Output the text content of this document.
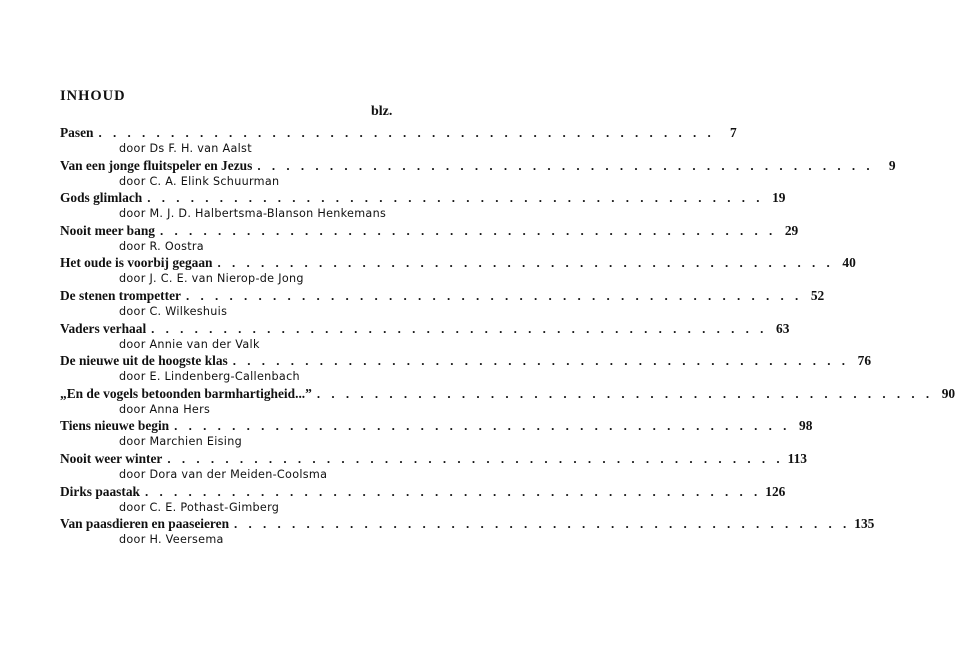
INHOUD
blz.
Pasen . . . . . . . . . . . . . . . . . . . . . . . . . . . . . . . . . . . . . . . . . . .	7
door Ds F. H. van Aalst
Van een jonge fluitspeler en Jezus . . . . . . . . . . . . . . . . . . . . . . . . . . . . . . . . . . . . . . . . . . .	9
door C. A. Elink Schuurman
Gods glimlach . . . . . . . . . . . . . . . . . . . . . . . . . . . . . . . . . . . . . . . . . . . 19
door M. J. D. Halbertsma-Blanson Henkemans
Nooit meer bang . . . . . . . . . . . . . . . . . . . . . . . . . . . . . . . . . . . . . . . . . . . 29
door R. Oostra
Het oude is voorbij gegaan . . . . . . . . . . . . . . . . . . . . . . . . . . . . . . . . . . . . . . . . . . . 40
door J. C. E. van Nierop-de Jong
De stenen trompetter . . . . . . . . . . . . . . . . . . . . . . . . . . . . . . . . . . . . . . . . . . . 52
door C. Wilkeshuis
Vaders verhaal . . . . . . . . . . . . . . . . . . . . . . . . . . . . . . . . . . . . . . . . . . . 63
door Annie van der Valk
De nieuwe uit de hoogste klas . . . . . . . . . . . . . . . . . . . . . . . . . . . . . . . . . . . . . . . . . . . 76
door E. Lindenberg-Callenbach
„En de vogels betoonden barmhartigheid...” . . . . . . . . . . . . . . . . . . . . . . . . . . . . . . . . . . . . . . . . . . . 90
door Anna Hers
Tiens nieuwe begin . . . . . . . . . . . . . . . . . . . . . . . . . . . . . . . . . . . . . . . . . . . 98
door Marchien Eising
Nooit weer winter . . . . . . . . . . . . . . . . . . . . . . . . . . . . . . . . . . . . . . . . . . . 113
door Dora van der Meiden-Coolsma
Dirks paastak . . . . . . . . . . . . . . . . . . . . . . . . . . . . . . . . . . . . . . . . . . . 126
door C. E. Pothast-Gimberg
Van paasdieren en paaseieren . . . . . . . . . . . . . . . . . . . . . . . . . . . . . . . . . . . . . . . . . . . 135
door H. Veersema
